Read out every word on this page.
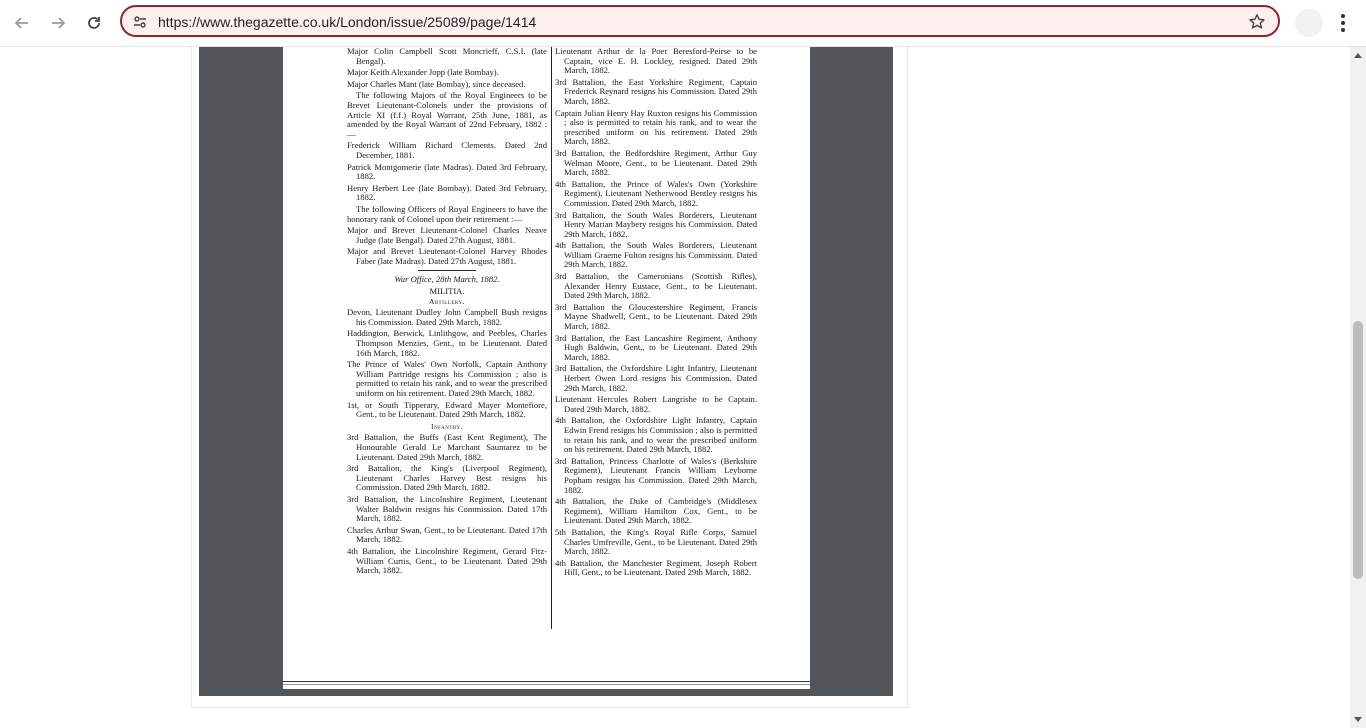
https://www.thegazette.co.uk/London/issue/25089/page/1414

Major Colin Campbell Scott Moncrieff, C.S.I. (late Bengal).

Major Keith Alexander Jopp (late Bombay).

Major Charles Mant (late Bombay), since deceased.

The following Majors of the Royal Engineers to be Brevet Lieutenant-Colonels under the provisions of Article XI (f.f.) Royal Warrant, 25th June, 1881, as amended by the Royal Warrant of 22nd February, 1882 :—

Frederick William Richard Clements. Dated 2nd December, 1881.

Patrick Montgomerie (late Madras). Dated 3rd February, 1882.

Henry Herbert Lee (late Bombay). Dated 3rd February, 1882.

The following Officers of Royal Engineers to have the honorary rank of Colonel upon their retirement :—

Major and Brevet Lieutenant-Colonel Charles Neave Judge (late Bengal). Dated 27th August, 1881.

Major and Brevet Lieutenant-Colonel Harvey Rhodes Faber (late Madras). Dated 27th August, 1881.

War Office, 28th March, 1882.

MILITIA.

Artillery.

Devon, Lieutenant Dudley John Campbell Bush resigns his Commission. Dated 29th March, 1882.

Haddington, Berwick, Linlithgow, and Peebles, Charles Thompson Menzies, Gent., to be Lieutenant. Dated 16th March, 1882.

The Prince of Wales' Own Norfolk, Captain Anthony William Partridge resigns his Commission ; also is permitted to retain his rank, and to wear the prescribed uniform on his retirement. Dated 29th March, 1882.

1st, or South Tipperary, Edward Mayer Montefiore, Gent., to be Lieutenant. Dated 29th March, 1882.

Infantry.

3rd Battalion, the Buffs (East Kent Regiment), The Honourable Gerald Le Marchant Saumarez to be Lieutenant. Dated 29th March, 1882.

3rd Battalion, the King's (Liverpool Regiment), Lieutenant Charles Harvey Best resigns his Commission. Dated 29th March, 1882.

3rd Battalion, the Lincolnshire Regiment, Lieutenant Walter Baldwin resigns his Commission. Dated 17th March, 1882.

Charles Arthur Swan, Gent., to be Lieutenant. Dated 17th March, 1882.

4th Battalion, the Lincolnshire Regiment, Gerard Fitz-William Curtis, Gent., to be Lieutenant. Dated 29th March, 1882.

Lieutenant Arthur de la Poer Beresford-Peirse to be Captain, vice E. H. Lockley, resigned. Dated 29th March, 1882.

3rd Battalion, the East Yorkshire Regiment, Captain Frederick Reynard resigns his Commission. Dated 29th March, 1882.

Captain Julian Henry Hay Ruxton resigns his Commission ; also is permitted to retain his rank, and to wear the prescribed uniform on his retirement. Dated 29th March, 1882.

3rd Battalion, the Bedfordshire Regiment, Arthur Guy Welman Moore, Gent., to be Lieutenant. Dated 29th March, 1882.

4th Battalion, the Prince of Wales's Own (Yorkshire Regiment), Lieutenant Netherwood Bentley resigns his Commission. Dated 29th March, 1882.

3rd Battalion, the South Wales Borderers, Lieutenant Henry Marian Maybery resigns his Commission. Dated 29th March, 1882.

4th Battalion, the South Wales Borderers, Lieutenant William Graeme Fulton resigns his Commission. Dated 29th March, 1882.

3rd Battalion, the Cameronians (Scottish Rifles), Alexander Henry Eustace, Gent., to be Lieutenant. Dated 29th March, 1882.

3rd Battalion the Gloucestershire Regiment, Francis Mayne Shadwell, Gent., to be Lieutenant. Dated 29th March, 1882.

3rd Battalion, the East Lancashire Regiment, Anthony Hugh Baldwin, Gent., to be Lieutenant. Dated 29th March, 1882.

3rd Battalion, the Oxfordshire Light Infantry, Lieutenant Herbert Owen Lord resigns his Commission. Dated 29th March, 1882.

Lieutenant Hercules Robert Langrishe to be Captain. Dated 29th March, 1882.

4th Battalion, the Oxfordshire Light Infantry, Captain Edwin Frend resigns his Commission ; also is permitted to retain his rank, and to wear the prescribed uniform on his retirement. Dated 29th March, 1882.

3rd Battalion, Princess Charlotte of Wales's (Berkshire Regiment), Lieutenant Francis William Leyborne Popham resigns his Commission. Dated 29th March, 1882.

4th Battalion, the Duke of Cambridge's (Middlesex Regiment), William Hamilton Cox, Gent., to be Lieutenant. Dated 29th March, 1882.

5th Battalion, the King's Royal Rifle Corps, Samuel Charles Umfreville, Gent., to be Lieutenant. Dated 29th March, 1882.

4th Battalion, the Manchester Regiment, Joseph Robert Hill, Gent., to be Lieutenant. Dated 29th March, 1882.
